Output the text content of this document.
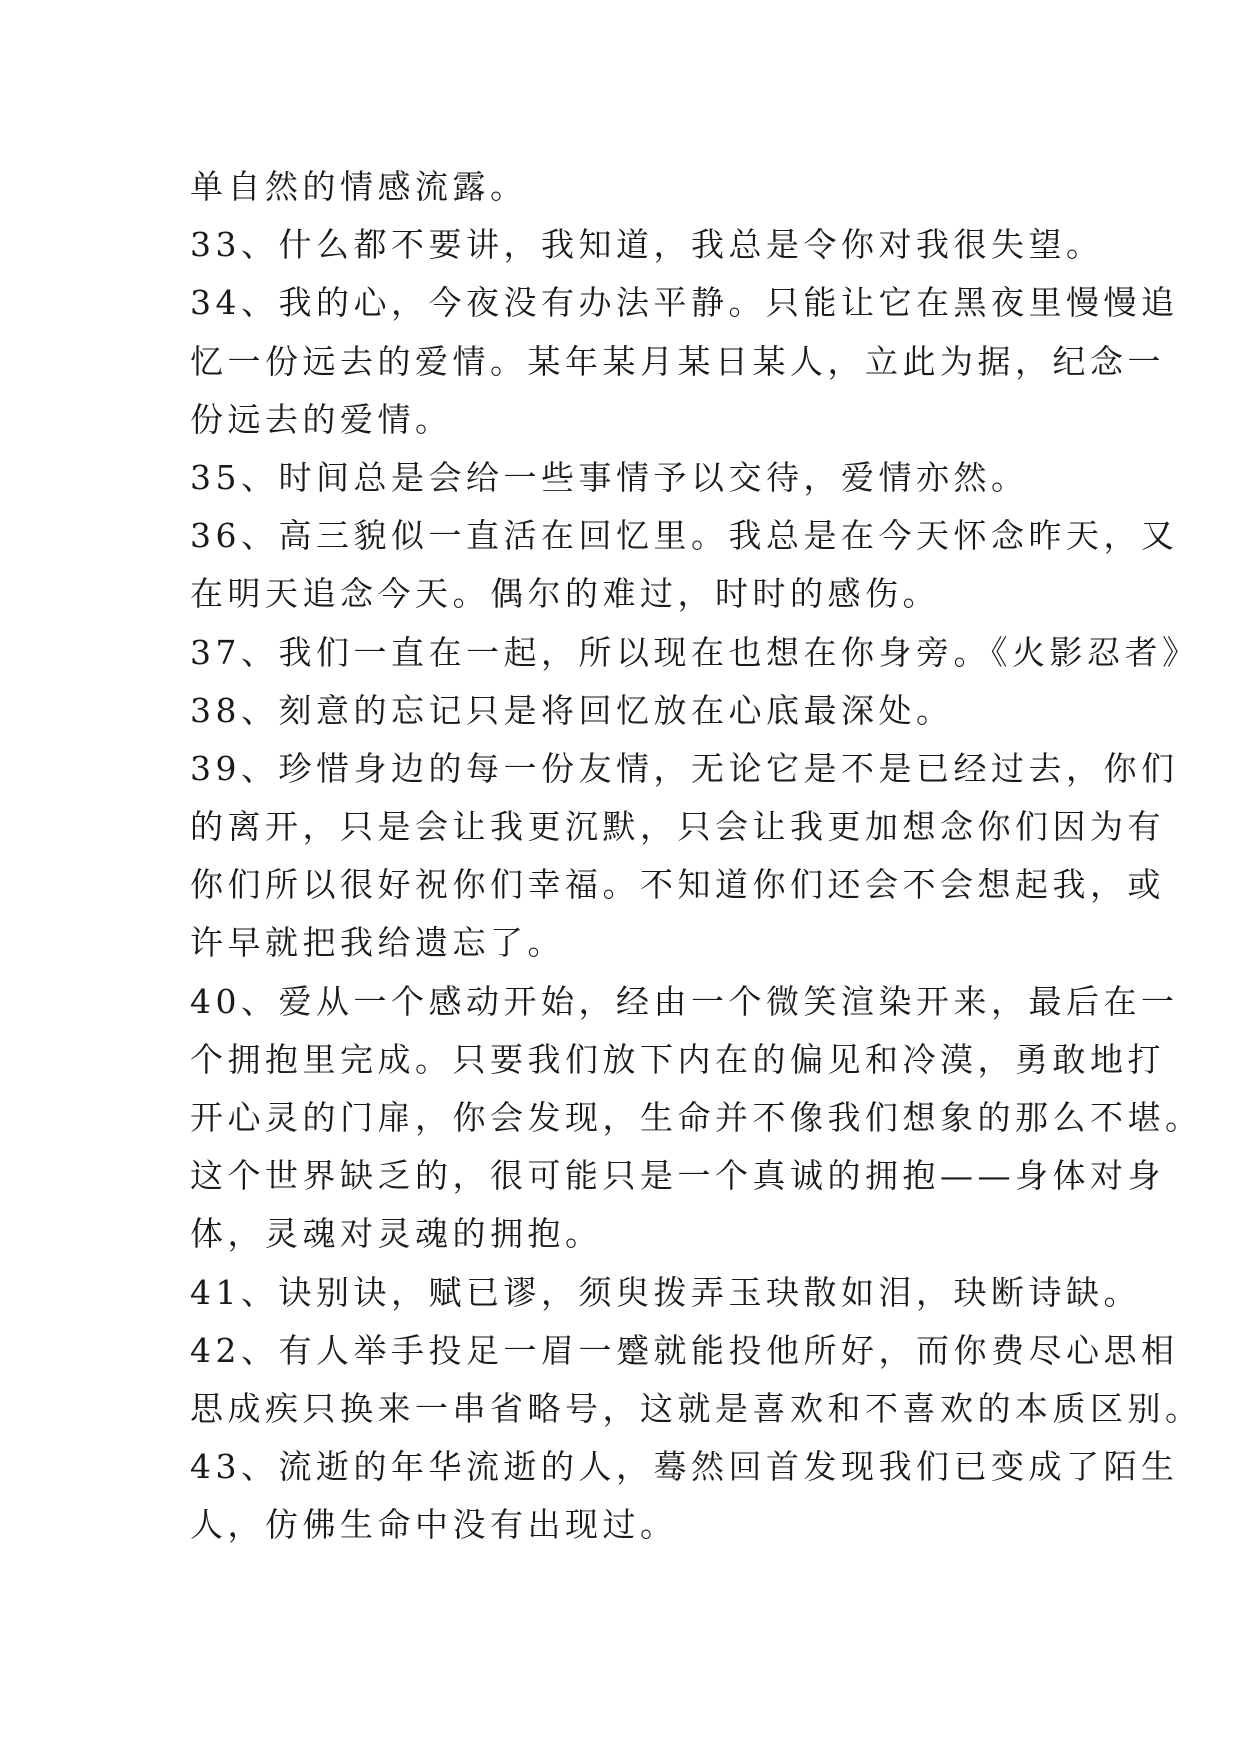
单自然的情感流露。
33、什么都不要讲，我知道，我总是令你对我很失望。
34、我的心，今夜没有办法平静。只能让它在黑夜里慢慢追
忆一份远去的爱情。某年某月某日某人，立此为据，纪念一
份远去的爱情。
35、时间总是会给一些事情予以交待，爱情亦然。
36、高三貌似一直活在回忆里。我总是在今天怀念昨天，又
在明天追念今天。偶尔的难过，时时的感伤。
37、我们一直在一起，所以现在也想在你身旁。《火影忍者》
38、刻意的忘记只是将回忆放在心底最深处。
39、珍惜身边的每一份友情，无论它是不是已经过去，你们
的离开，只是会让我更沉默，只会让我更加想念你们因为有
你们所以很好祝你们幸福。不知道你们还会不会想起我，或
许早就把我给遗忘了。
40、爱从一个感动开始，经由一个微笑渲染开来，最后在一
个拥抱里完成。只要我们放下内在的偏见和冷漠，勇敢地打
开心灵的门扉，你会发现，生命并不像我们想象的那么不堪。
这个世界缺乏的，很可能只是一个真诚的拥抱——身体对身
体，灵魂对灵魂的拥抱。
41、诀别诀，赋已谬，须臾拨弄玉玦散如泪，玦断诗缺。
42、有人举手投足一眉一蹙就能投他所好，而你费尽心思相
思成疾只换来一串省略号，这就是喜欢和不喜欢的本质区别。
43、流逝的年华流逝的人，蓦然回首发现我们已变成了陌生
人，仿佛生命中没有出现过。
